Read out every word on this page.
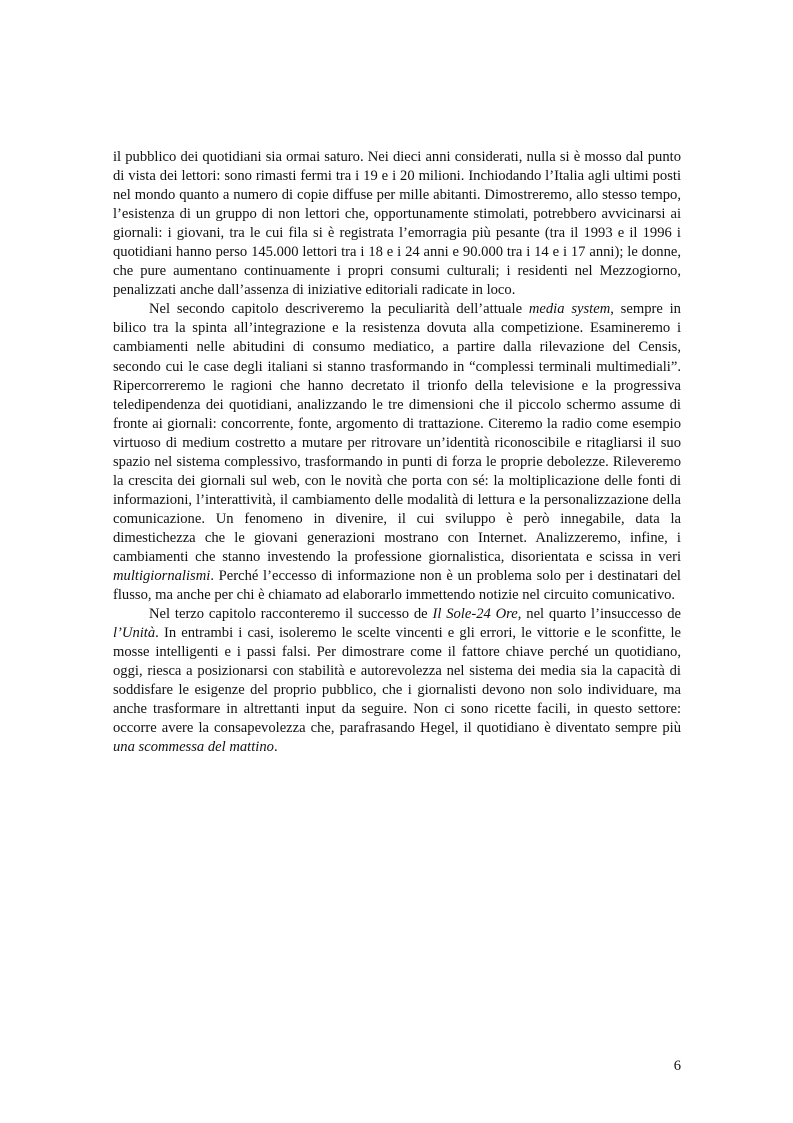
il pubblico dei quotidiani sia ormai saturo. Nei dieci anni considerati, nulla si è mosso dal punto di vista dei lettori: sono rimasti fermi tra i 19 e i 20 milioni. Inchiodando l’Italia agli ultimi posti nel mondo quanto a numero di copie diffuse per mille abitanti. Dimostreremo, allo stesso tempo, l’esistenza di un gruppo di non lettori che, opportunamente stimolati, potrebbero avvicinarsi ai giornali: i giovani, tra le cui fila si è registrata l’emorragia più pesante (tra il 1993 e il 1996 i quotidiani hanno perso 145.000 lettori tra i 18 e i 24 anni e 90.000 tra i 14 e i 17 anni); le donne, che pure aumentano continuamente i propri consumi culturali; i residenti nel Mezzogiorno, penalizzati anche dall’assenza di iniziative editoriali radicate in loco.

Nel secondo capitolo descriveremo la peculiarità dell’attuale media system, sempre in bilico tra la spinta all’integrazione e la resistenza dovuta alla competizione. Esamineremo i cambiamenti nelle abitudini di consumo mediatico, a partire dalla rilevazione del Censis, secondo cui le case degli italiani si stanno trasformando in “complessi terminali multimediali”. Ripercorreremo le ragioni che hanno decretato il trionfo della televisione e la progressiva teledipendenza dei quotidiani, analizzando le tre dimensioni che il piccolo schermo assume di fronte ai giornali: concorrente, fonte, argomento di trattazione. Citeremo la radio come esempio virtuoso di medium costretto a mutare per ritrovare un’identità riconoscibile e ritagliarsi il suo spazio nel sistema complessivo, trasformando in punti di forza le proprie debolezze. Rileveremo la crescita dei giornali sul web, con le novità che porta con sé: la moltiplicazione delle fonti di informazioni, l’interattività, il cambiamento delle modalità di lettura e la personalizzazione della comunicazione. Un fenomeno in divenire, il cui sviluppo è però innegabile, data la dimestichezza che le giovani generazioni mostrano con Internet. Analizzeremo, infine, i cambiamenti che stanno investendo la professione giornalistica, disorientata e scissa in veri multigiornalismi. Perché l’eccesso di informazione non è un problema solo per i destinatari del flusso, ma anche per chi è chiamato ad elaborarlo immettendo notizie nel circuito comunicativo.

Nel terzo capitolo racconteremo il successo de Il Sole-24 Ore, nel quarto l’insuccesso de l’Unità. In entrambi i casi, isoleremo le scelte vincenti e gli errori, le vittorie e le sconfitte, le mosse intelligenti e i passi falsi. Per dimostrare come il fattore chiave perché un quotidiano, oggi, riesca a posizionarsi con stabilità e autorevolezza nel sistema dei media sia la capacità di soddisfare le esigenze del proprio pubblico, che i giornalisti devono non solo individuare, ma anche trasformare in altrettanti input da seguire. Non ci sono ricette facili, in questo settore: occorre avere la consapevolezza che, parafrasando Hegel, il quotidiano è diventato sempre più una scommessa del mattino.

6
